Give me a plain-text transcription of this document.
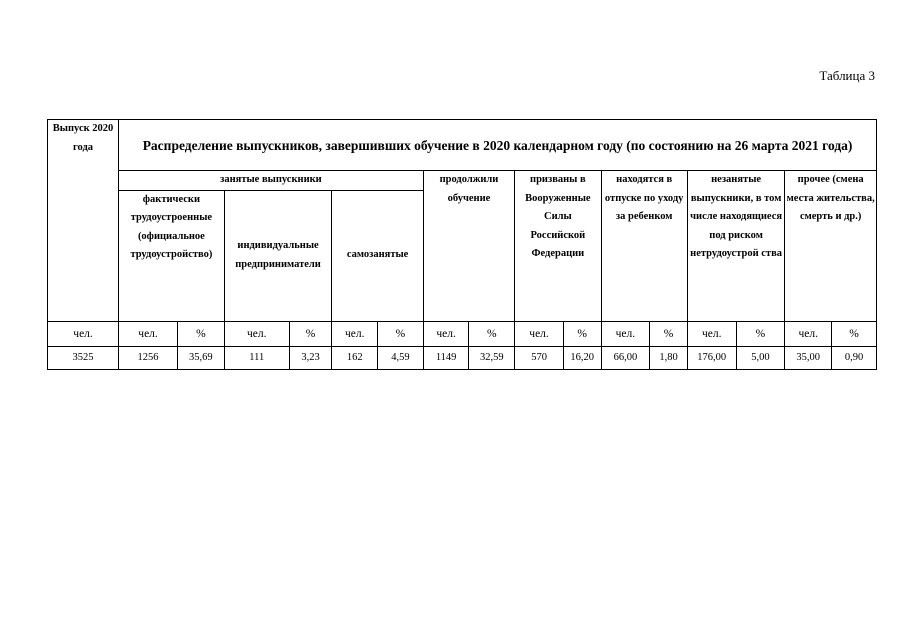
Таблица 3
Выпуск 2020 года	Распределение выпускников, завершивших обучение в 2020 календарном году (по состоянию на 26 марта 2021 года)															
	занятые выпускники						продолжили обучение		призваны в Вооруженные Силы Российской Федерации		находятся в отпуске по уходу за ребенком		незанятые выпускники, в том числе находящиеся под риском нетрудоустрой ства		прочее (смена места жительства, смерть и др.)	
	фактически трудоустроенные (официальное трудоустройство)		индивидуальные предприниматели		самозанятые											
чел.	чел.	%	чел.	%	чел.	%	чел.	%	чел.	%	чел.	%	чел.	%	чел.	%
3525	1256	35,69	111	3,23	162	4,59	1149	32,59	570	16,20	66,00	1,80	176,00	5,00	35,00	0,90
